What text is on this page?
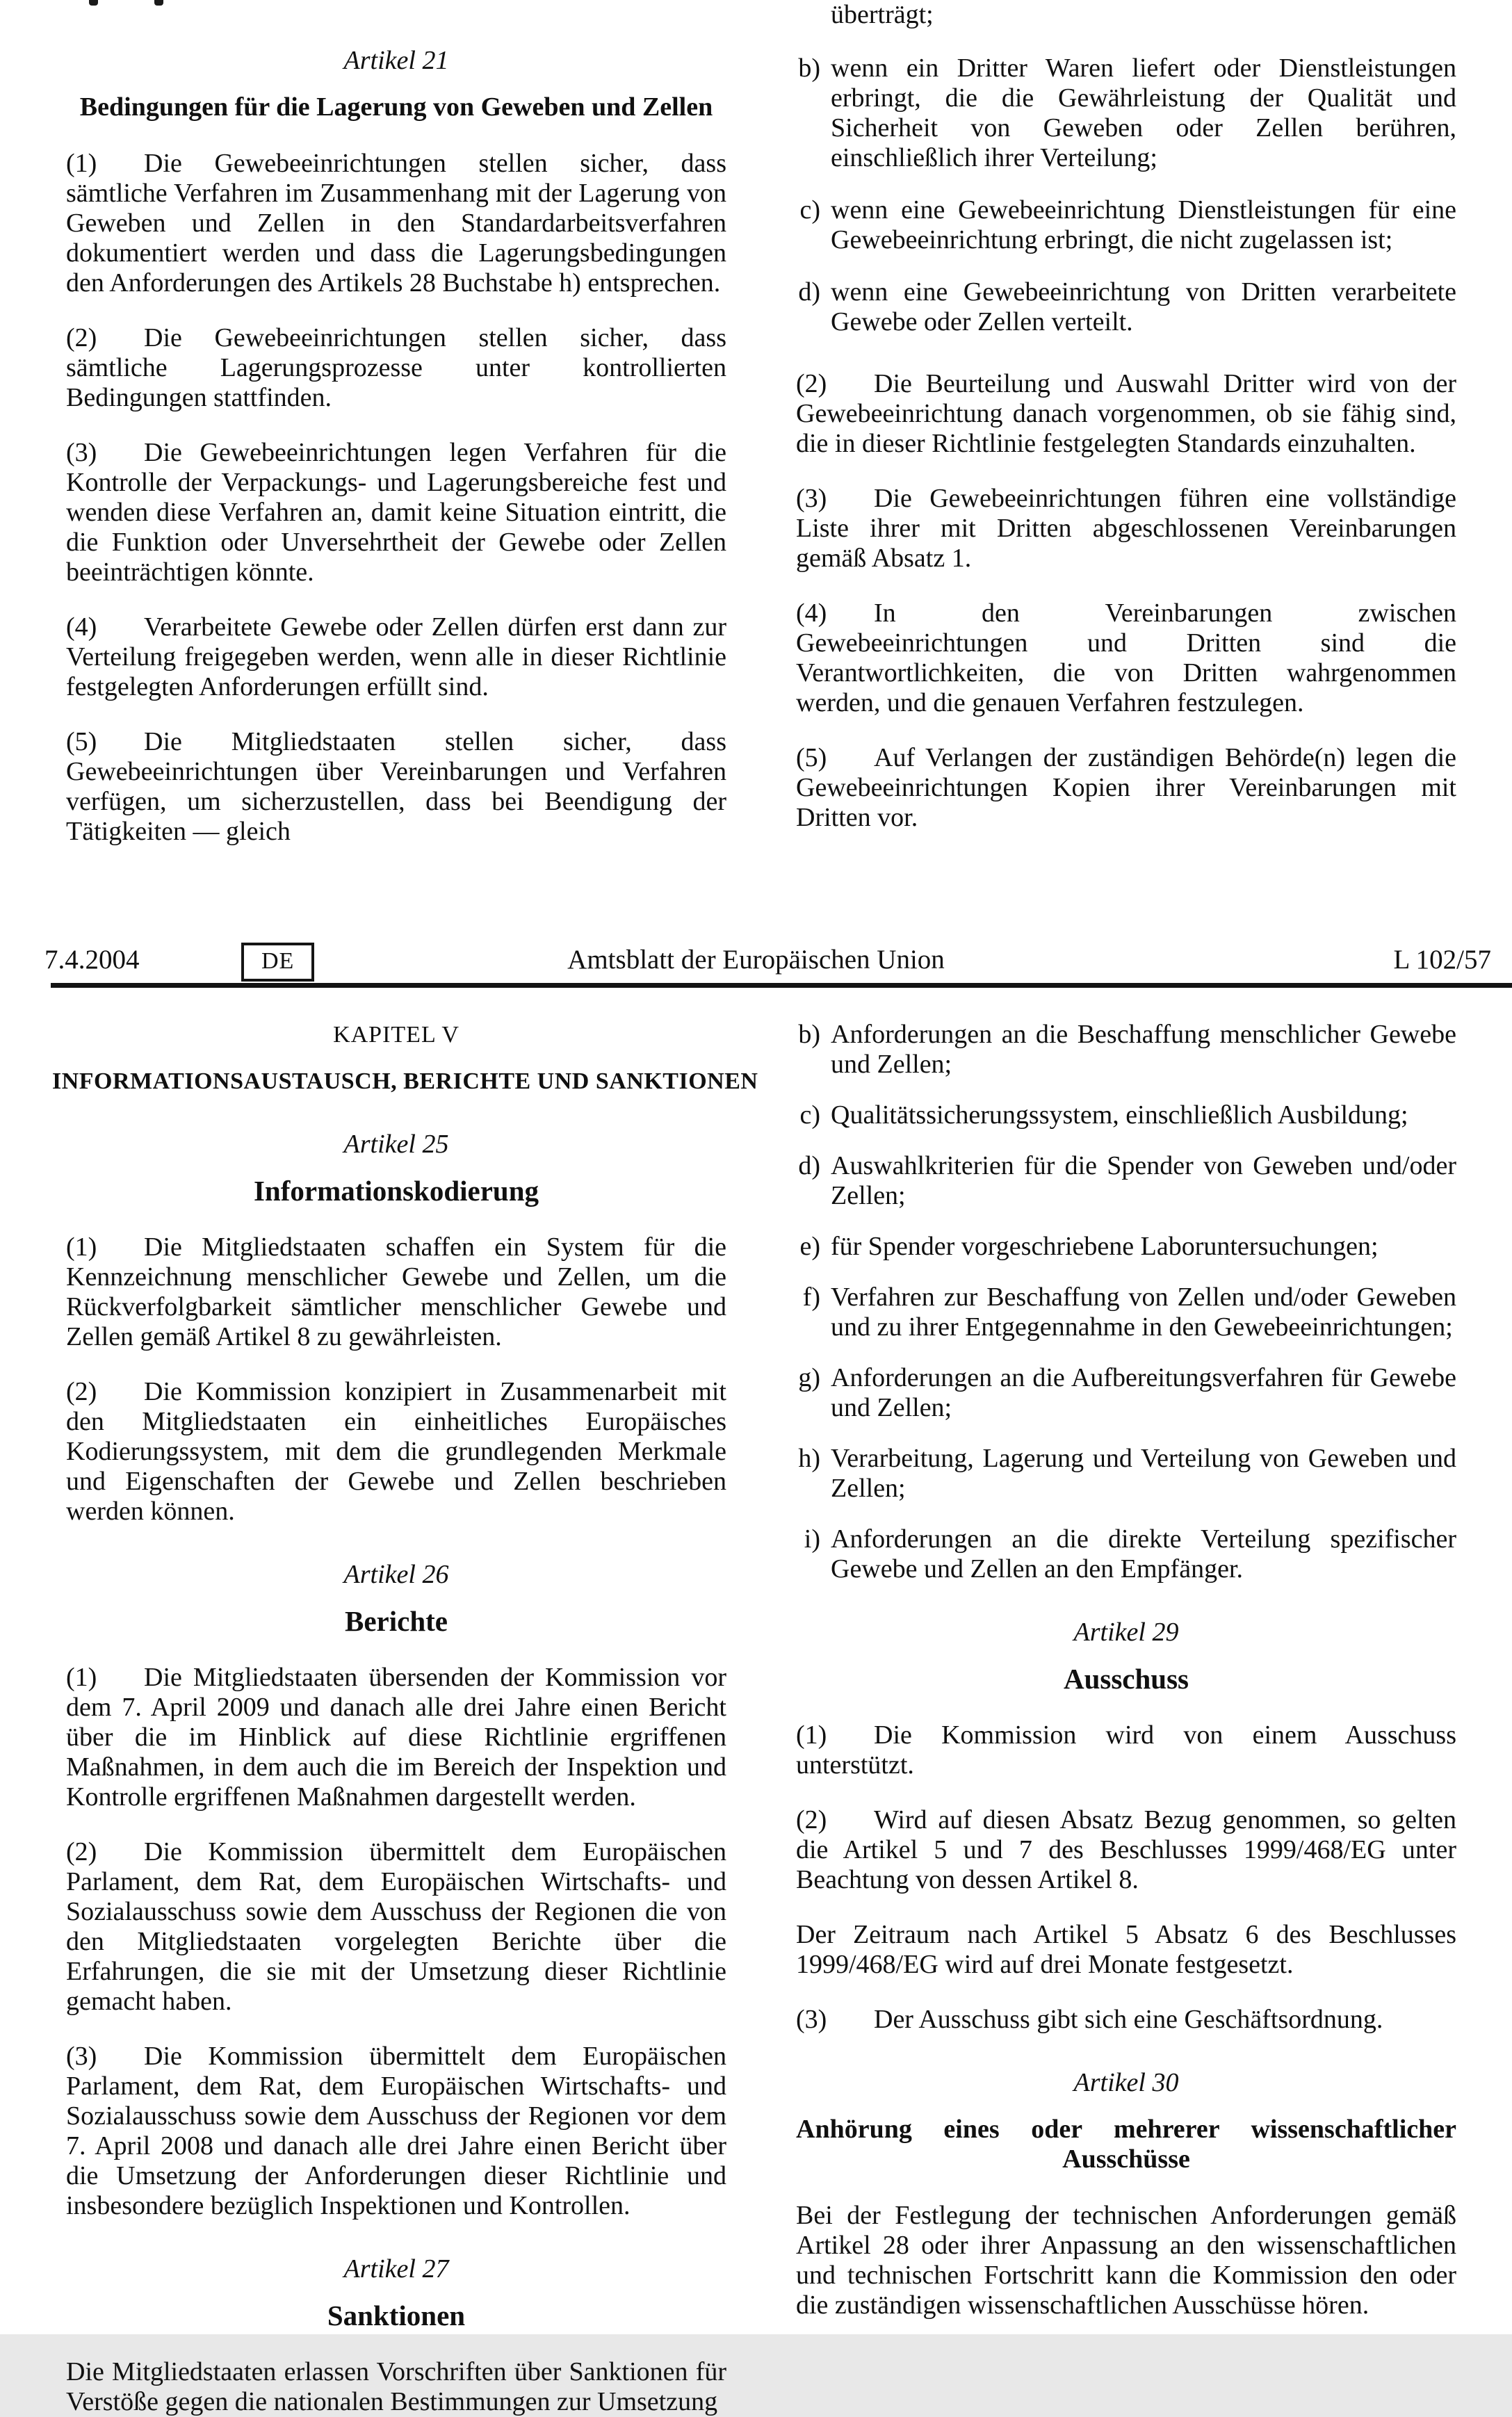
Artikel 21

Bedingungen für die Lagerung von Geweben und Zellen

(1) Die Gewebeeinrichtungen stellen sicher, dass sämtliche Verfahren im Zusammenhang mit der Lagerung von Geweben und Zellen in den Standardarbeitsverfahren dokumentiert werden und dass die Lagerungsbedingungen den Anforderungen des Artikels 28 Buchstabe h) entsprechen.

(2) Die Gewebeeinrichtungen stellen sicher, dass sämtliche Lagerungsprozesse unter kontrollierten Bedingungen stattfinden.

(3) Die Gewebeeinrichtungen legen Verfahren für die Kontrolle der Verpackungs- und Lagerungsbereiche fest und wenden diese Verfahren an, damit keine Situation eintritt, die die Funktion oder Unversehrtheit der Gewebe oder Zellen beeinträchtigen könnte.

(4) Verarbeitete Gewebe oder Zellen dürfen erst dann zur Verteilung freigegeben werden, wenn alle in dieser Richtlinie festgelegten Anforderungen erfüllt sind.

(5) Die Mitgliedstaaten stellen sicher, dass Gewebeeinrichtungen über Vereinbarungen und Verfahren verfügen, um sicherzustellen, dass bei Beendigung der Tätigkeiten — gleich

überträgt;

b) wenn ein Dritter Waren liefert oder Dienstleistungen erbringt, die die Gewährleistung der Qualität und Sicherheit von Geweben oder Zellen berühren, einschließlich ihrer Verteilung;
c) wenn eine Gewebeeinrichtung Dienstleistungen für eine Gewebeeinrichtung erbringt, die nicht zugelassen ist;
d) wenn eine Gewebeeinrichtung von Dritten verarbeitete Gewebe oder Zellen verteilt.

(2) Die Beurteilung und Auswahl Dritter wird von der Gewebeeinrichtung danach vorgenommen, ob sie fähig sind, die in dieser Richtlinie festgelegten Standards einzuhalten.

(3) Die Gewebeeinrichtungen führen eine vollständige Liste ihrer mit Dritten abgeschlossenen Vereinbarungen gemäß Absatz 1.

(4) In den Vereinbarungen zwischen Gewebeeinrichtungen und Dritten sind die Verantwortlichkeiten, die von Dritten wahrgenommen werden, und die genauen Verfahren festzulegen.

(5) Auf Verlangen der zuständigen Behörde(n) legen die Gewebeeinrichtungen Kopien ihrer Vereinbarungen mit Dritten vor.

7.4.2004	DE	Amtsblatt der Europäischen Union	L 102/57

KAPITEL V

INFORMATIONSAUSTAUSCH, BERICHTE UND SANKTIONEN

Artikel 25

Informationskodierung

(1) Die Mitgliedstaaten schaffen ein System für die Kennzeichnung menschlicher Gewebe und Zellen, um die Rückverfolgbarkeit sämtlicher menschlicher Gewebe und Zellen gemäß Artikel 8 zu gewährleisten.

(2) Die Kommission konzipiert in Zusammenarbeit mit den Mitgliedstaaten ein einheitliches Europäisches Kodierungssystem, mit dem die grundlegenden Merkmale und Eigenschaften der Gewebe und Zellen beschrieben werden können.

Artikel 26

Berichte

(1) Die Mitgliedstaaten übersenden der Kommission vor dem 7. April 2009 und danach alle drei Jahre einen Bericht über die im Hinblick auf diese Richtlinie ergriffenen Maßnahmen, in dem auch die im Bereich der Inspektion und Kontrolle ergriffenen Maßnahmen dargestellt werden.

(2) Die Kommission übermittelt dem Europäischen Parlament, dem Rat, dem Europäischen Wirtschafts- und Sozialausschuss sowie dem Ausschuss der Regionen die von den Mitgliedstaaten vorgelegten Berichte über die Erfahrungen, die sie mit der Umsetzung dieser Richtlinie gemacht haben.

(3) Die Kommission übermittelt dem Europäischen Parlament, dem Rat, dem Europäischen Wirtschafts- und Sozialausschuss sowie dem Ausschuss der Regionen vor dem 7. April 2008 und danach alle drei Jahre einen Bericht über die Umsetzung der Anforderungen dieser Richtlinie und insbesondere bezüglich Inspektionen und Kontrollen.

Artikel 27

Sanktionen

Die Mitgliedstaaten erlassen Vorschriften über Sanktionen für Verstöße gegen die nationalen Bestimmungen zur Umsetzung

b) Anforderungen an die Beschaffung menschlicher Gewebe und Zellen;
c) Qualitätssicherungssystem, einschließlich Ausbildung;
d) Auswahlkriterien für die Spender von Geweben und/oder Zellen;
e) für Spender vorgeschriebene Laboruntersuchungen;
f) Verfahren zur Beschaffung von Zellen und/oder Geweben und zu ihrer Entgegennahme in den Gewebeeinrichtungen;
g) Anforderungen an die Aufbereitungsverfahren für Gewebe und Zellen;
h) Verarbeitung, Lagerung und Verteilung von Geweben und Zellen;
i) Anforderungen an die direkte Verteilung spezifischer Gewebe und Zellen an den Empfänger.

Artikel 29

Ausschuss

(1) Die Kommission wird von einem Ausschuss unterstützt.

(2) Wird auf diesen Absatz Bezug genommen, so gelten die Artikel 5 und 7 des Beschlusses 1999/468/EG unter Beachtung von dessen Artikel 8.

Der Zeitraum nach Artikel 5 Absatz 6 des Beschlusses 1999/468/EG wird auf drei Monate festgesetzt.

(3) Der Ausschuss gibt sich eine Geschäftsordnung.

Artikel 30

Anhörung eines oder mehrerer wissenschaftlicher Ausschüsse

Bei der Festlegung der technischen Anforderungen gemäß Artikel 28 oder ihrer Anpassung an den wissenschaftlichen und technischen Fortschritt kann die Kommission den oder die zuständigen wissenschaftlichen Ausschüsse hören.
